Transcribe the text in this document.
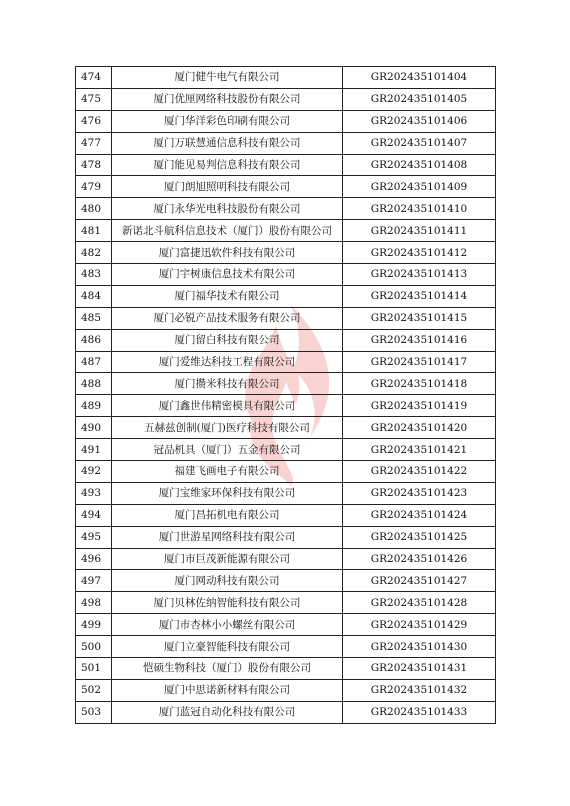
474	厦门健牛电气有限公司	GR202435101404
475	厦门优厘网络科技股份有限公司	GR202435101405
476	厦门华洋彩色印刷有限公司	GR202435101406
477	厦门万联慧通信息科技有限公司	GR202435101407
478	厦门能见易判信息科技有限公司	GR202435101408
479	厦门朗旭照明科技有限公司	GR202435101409
480	厦门永华光电科技股份有限公司	GR202435101410
481	新诺北斗航科信息技术（厦门）股份有限公司	GR202435101411
482	厦门富捷迅软件科技有限公司	GR202435101412
483	厦门宇树康信息技术有限公司	GR202435101413
484	厦门福华技术有限公司	GR202435101414
485	厦门必锐产品技术服务有限公司	GR202435101415
486	厦门留白科技有限公司	GR202435101416
487	厦门爱维达科技工程有限公司	GR202435101417
488	厦门攒米科技有限公司	GR202435101418
489	厦门鑫世伟精密模具有限公司	GR202435101419
490	五赫兹创制(厦门)医疗科技有限公司	GR202435101420
491	冠品机具（厦门）五金有限公司	GR202435101421
492	福建飞画电子有限公司	GR202435101422
493	厦门宝维家环保科技有限公司	GR202435101423
494	厦门昌拓机电有限公司	GR202435101424
495	厦门世游星网络科技有限公司	GR202435101425
496	厦门市巨茂新能源有限公司	GR202435101426
497	厦门网动科技有限公司	GR202435101427
498	厦门贝林佐纳智能科技有限公司	GR202435101428
499	厦门市杏林小小螺丝有限公司	GR202435101429
500	厦门立豪智能科技有限公司	GR202435101430
501	恺硕生物科技（厦门）股份有限公司	GR202435101431
502	厦门中思诺新材料有限公司	GR202435101432
503	厦门蓝冠自动化科技有限公司	GR202435101433
